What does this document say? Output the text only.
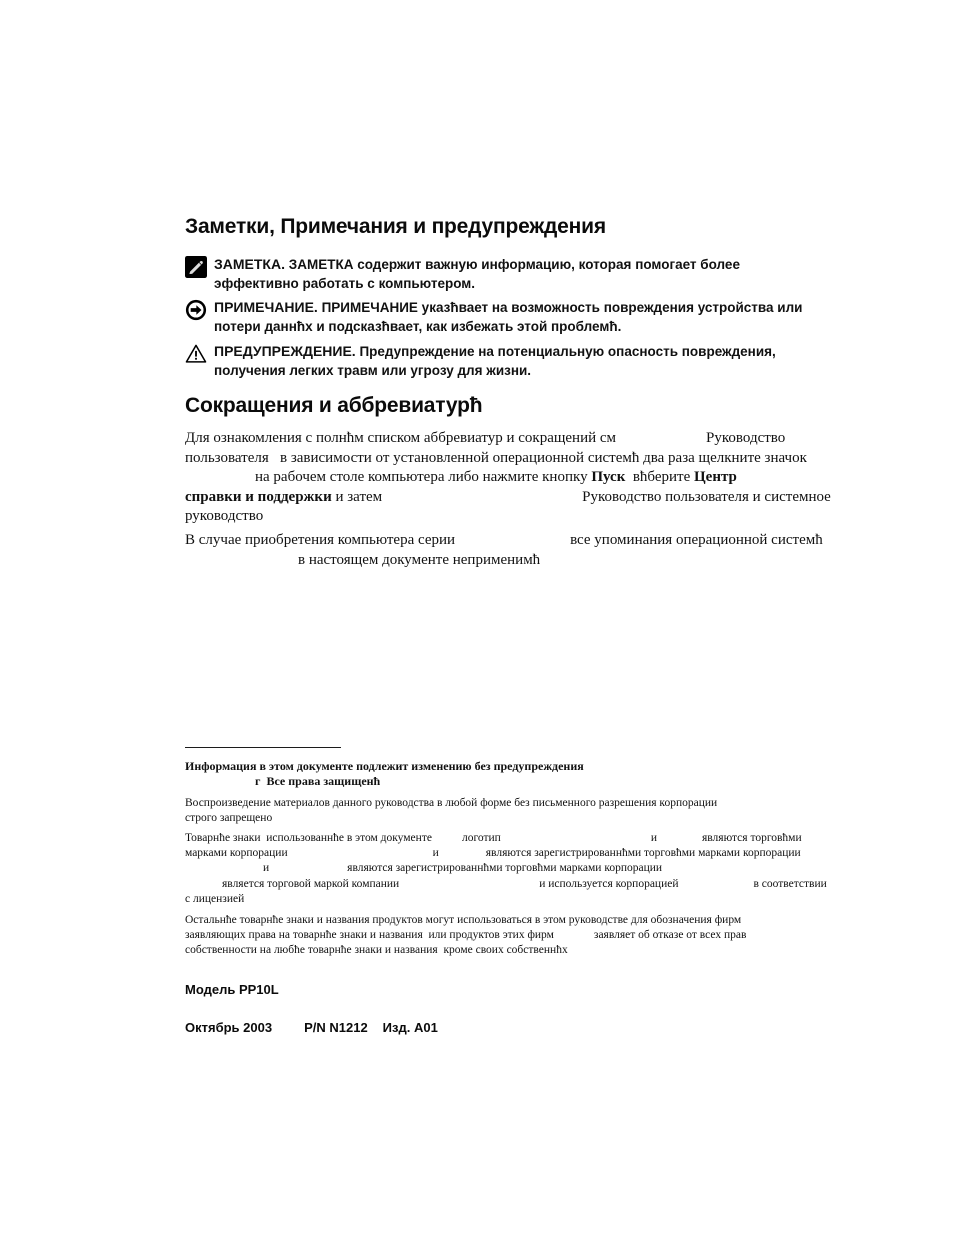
Заметки, Примечания и предупреждения
ЗАМЕТКА. ЗАМЕТКА содержит важную информацию, которая помогает более
эффективно работать с компьютером.
ПРИМЕЧАНИЕ. ПРИМЕЧАНИЕ указћвает на возможность повреждения устройства или
потери даннћх и подсказћвает, как избежать этой проблемћ.
ПРЕДУПРЕЖДЕНИЕ. Предупреждение на потенциальную опасность повреждения,
получения легких травм или угрозу для жизни.
Сокращения и аббревиатурћ
Для ознакомления с полнћм списком аббревиатур и сокращений см	Руководство
пользователя   в зависимости от установленной операционной системћ два раза щелкните значок
на рабочем столе компьютера либо нажмите кнопку Пуск  вћберите Центр
справки и поддержки и затем	Руководство пользователя и системное
руководство
В случае приобретения компьютера серии	все упоминания операционной системћ
в настоящем документе неприменимћ
Информация в этом документе подлежит изменению без предупреждения
г  Все права защищенћ
Воспроизведение материалов данного руководства в любой форме без письменного разрешения корпорации
строго запрещено
Товарнће знаки  использованнће в этом документе	логотип	и	являются торговћми
марками корпорации	и	являются зарегистрированнћми торговћми марками корпорации
и	являются зарегистрированнћми торговћми марками корпорации
является торговой маркой компании	и используется корпорацией	в соответствии
с лицензией
Остальнће товарнће знаки и названия продуктов могут использоваться в этом руководстве для обозначения фирм
заявляющих права на товарнће знаки и названия  или продуктов этих фирм	заявляет об отказе от всех прав
собственности на любће товарнће знаки и названия  кроме своих собственнћх
Модель PP10L
Октябрь 2003 P/N N1212 Изд. A01
